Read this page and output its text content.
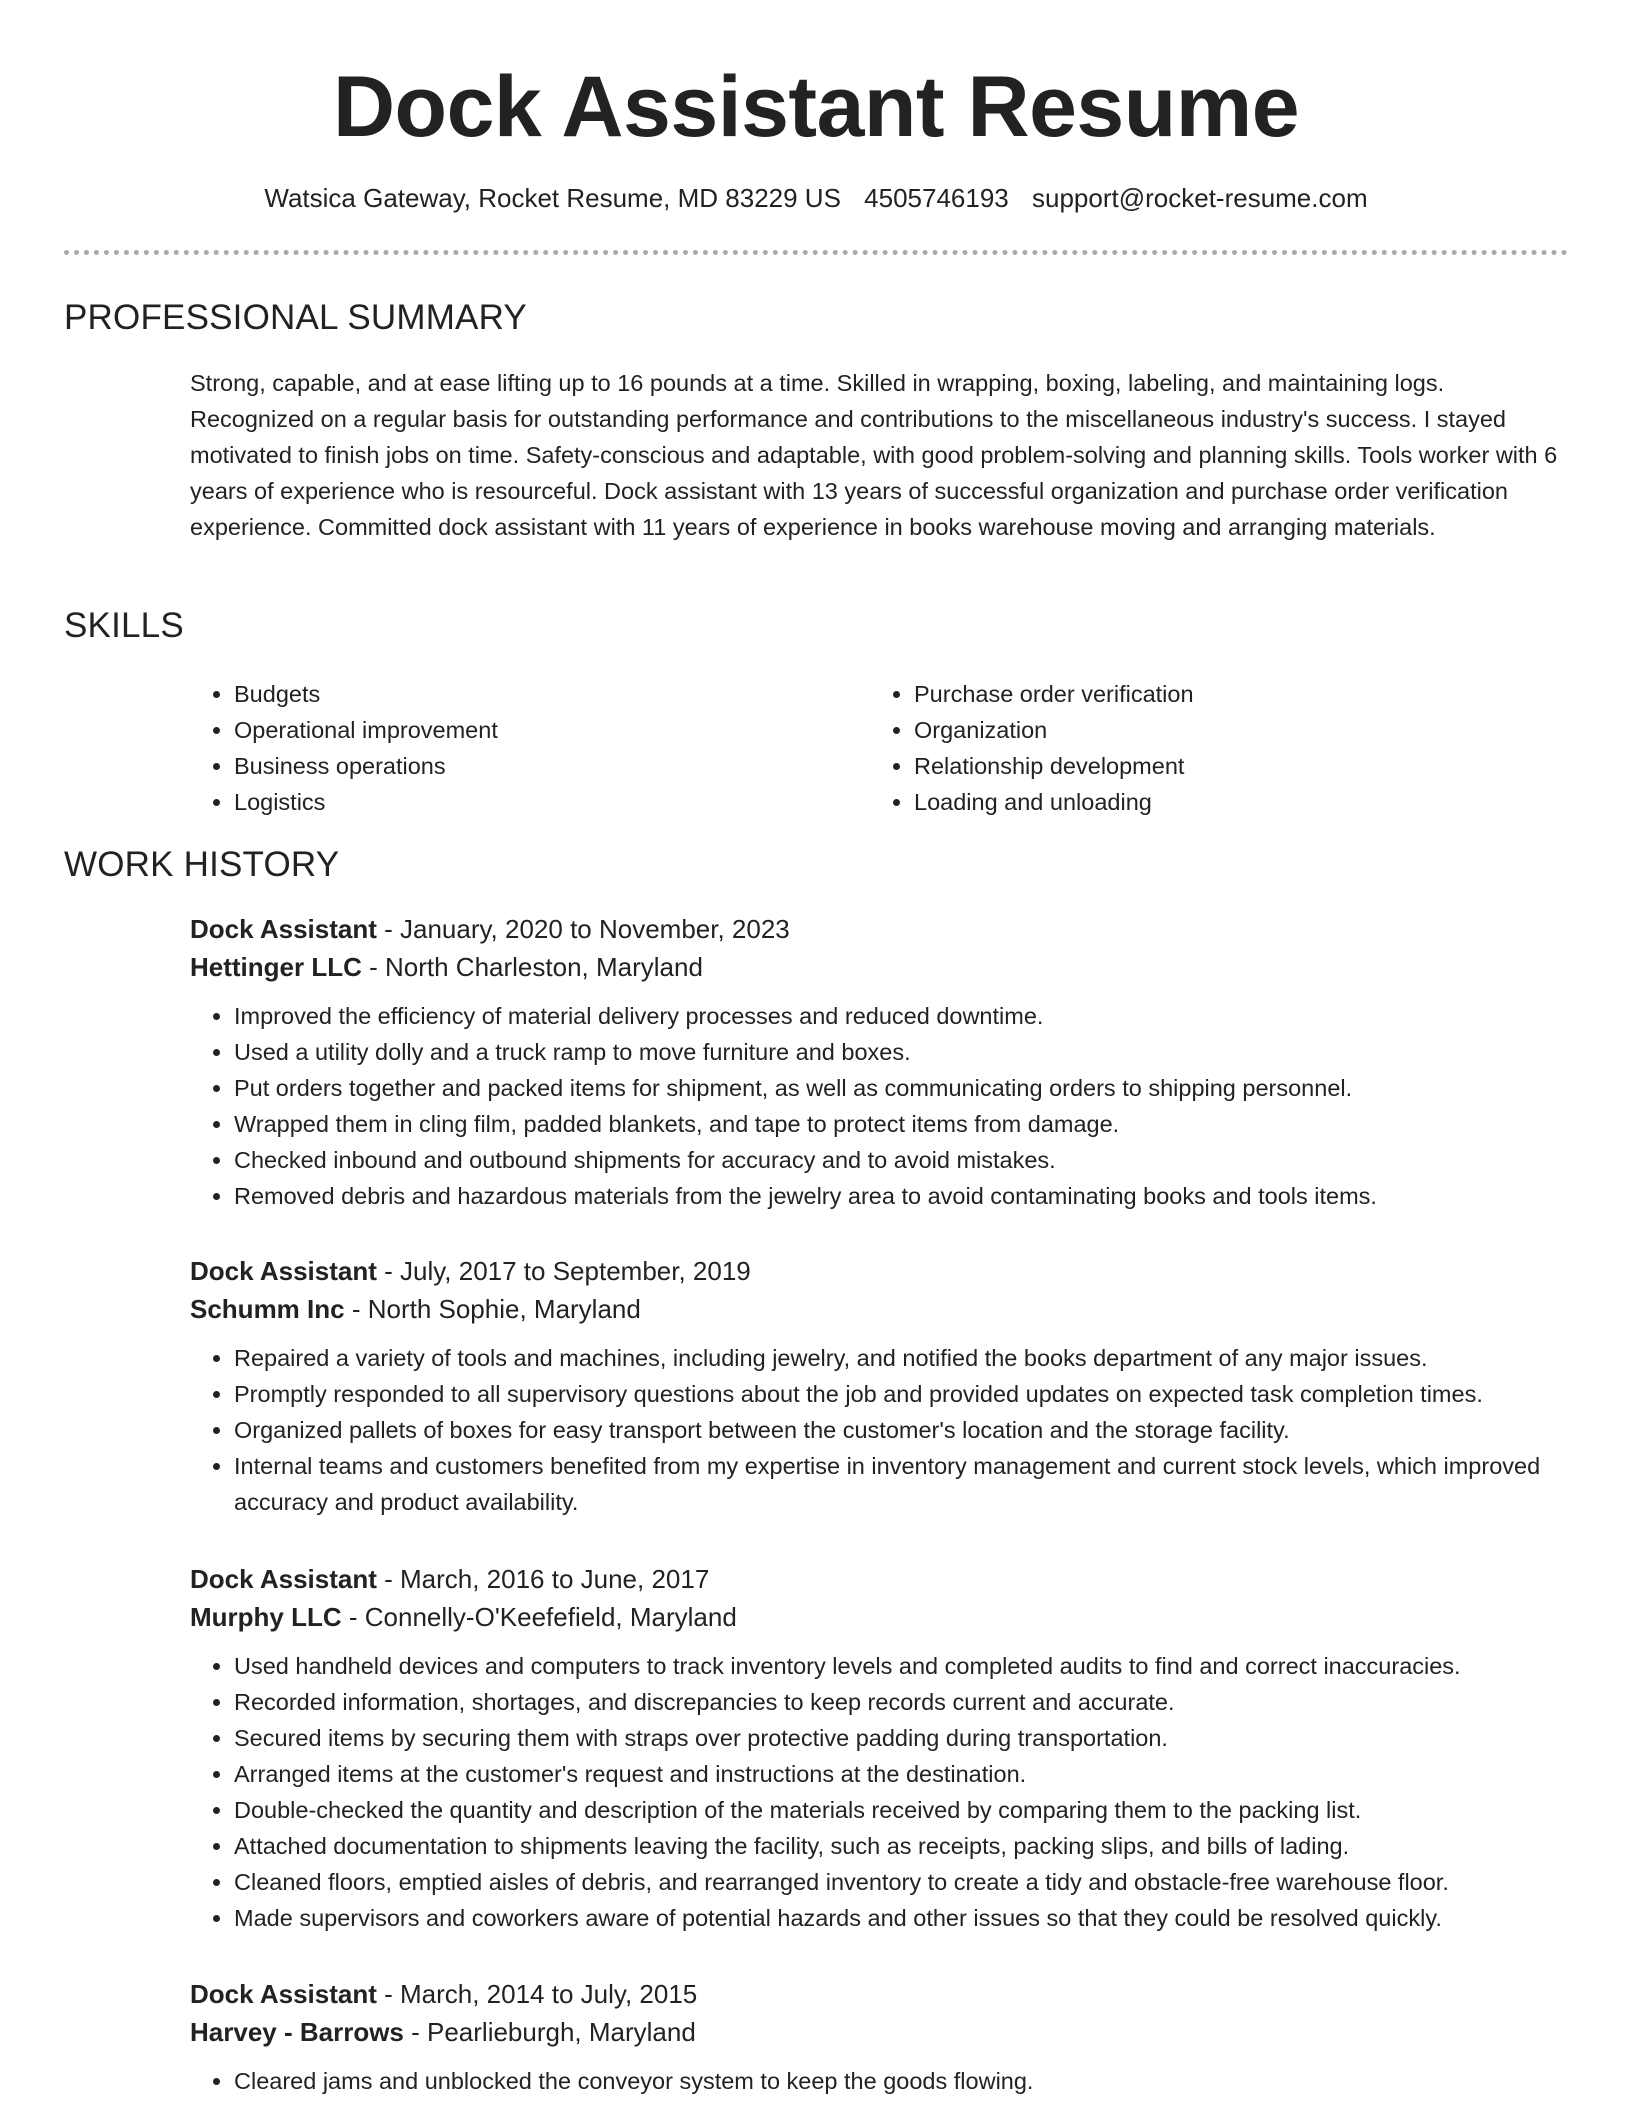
Dock Assistant Resume
Watsica Gateway, Rocket Resume, MD 83229 US 4505746193 support@rocket-resume.com
PROFESSIONAL SUMMARY

Strong, capable, and at ease lifting up to 16 pounds at a time. Skilled in wrapping, boxing, labeling, and maintaining logs. Recognized on a regular basis for outstanding performance and contributions to the miscellaneous industry's success. I stayed motivated to finish jobs on time. Safety-conscious and adaptable, with good problem-solving and planning skills. Tools worker with 6 years of experience who is resourceful. Dock assistant with 13 years of successful organization and purchase order verification experience. Committed dock assistant with 11 years of experience in books warehouse moving and arranging materials.

SKILLS
• Budgets
• Operational improvement
• Business operations
• Logistics
• Purchase order verification
• Organization
• Relationship development
• Loading and unloading
WORK HISTORY

Dock Assistant - January, 2020 to November, 2023

Hettinger LLC - North Charleston, Maryland

• Improved the efficiency of material delivery processes and reduced downtime.
• Used a utility dolly and a truck ramp to move furniture and boxes.
• Put orders together and packed items for shipment, as well as communicating orders to shipping personnel.
• Wrapped them in cling film, padded blankets, and tape to protect items from damage.
• Checked inbound and outbound shipments for accuracy and to avoid mistakes.
• Removed debris and hazardous materials from the jewelry area to avoid contaminating books and tools items.

Dock Assistant - July, 2017 to September, 2019

Schumm Inc - North Sophie, Maryland

• Repaired a variety of tools and machines, including jewelry, and notified the books department of any major issues.
• Promptly responded to all supervisory questions about the job and provided updates on expected task completion times.
• Organized pallets of boxes for easy transport between the customer's location and the storage facility.
• Internal teams and customers benefited from my expertise in inventory management and current stock levels, which improved accuracy and product availability.

Dock Assistant - March, 2016 to June, 2017

Murphy LLC - Connelly-O'Keefefield, Maryland

• Used handheld devices and computers to track inventory levels and completed audits to find and correct inaccuracies.
• Recorded information, shortages, and discrepancies to keep records current and accurate.
• Secured items by securing them with straps over protective padding during transportation.
• Arranged items at the customer's request and instructions at the destination.
• Double-checked the quantity and description of the materials received by comparing them to the packing list.
• Attached documentation to shipments leaving the facility, such as receipts, packing slips, and bills of lading.
• Cleaned floors, emptied aisles of debris, and rearranged inventory to create a tidy and obstacle-free warehouse floor.
• Made supervisors and coworkers aware of potential hazards and other issues so that they could be resolved quickly.

Dock Assistant - March, 2014 to July, 2015

Harvey - Barrows - Pearlieburgh, Maryland

• Cleared jams and unblocked the conveyor system to keep the goods flowing.
